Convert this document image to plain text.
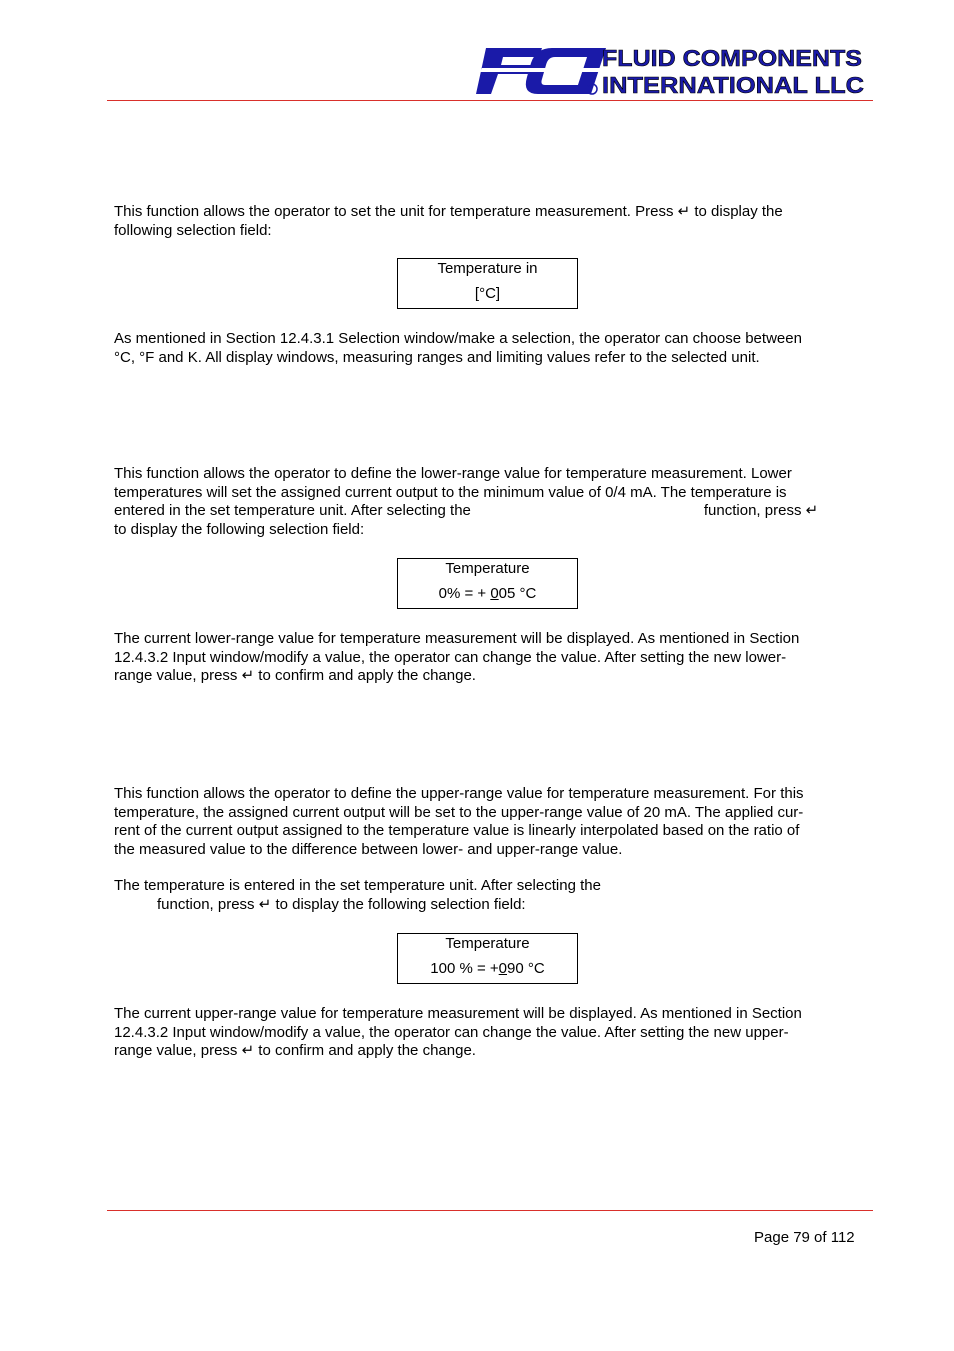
FLUID COMPONENTS
INTERNATIONAL LLC

This function allows the operator to set the unit for temperature measurement. Press ↵ to display the
following selection field:

Temperature in
[°C]

As mentioned in Section 12.4.3.1 Selection window/make a selection, the operator can choose between
°C, °F and K. All display windows, measuring ranges and limiting values refer to the selected unit.

This function allows the operator to define the lower-range value for temperature measurement. Lower
temperatures will set the assigned current output to the minimum value of 0/4 mA. The temperature is
entered in the set temperature unit. After selecting the	function, press ↵
to display the following selection field:

Temperature
0% = + 005 °C

The current lower-range value for temperature measurement will be displayed. As mentioned in Section
12.4.3.2 Input window/modify a value, the operator can change the value. After setting the new lower-
range value, press ↵ to confirm and apply the change.

This function allows the operator to define the upper-range value for temperature measurement. For this
temperature, the assigned current output will be set to the upper-range value of 20 mA. The applied cur-
rent of the current output assigned to the temperature value is linearly interpolated based on the ratio of
the measured value to the difference between lower- and upper-range value.

The temperature is entered in the set temperature unit. After selecting the
function, press ↵ to display the following selection field:

Temperature
100 % = +090 °C

The current upper-range value for temperature measurement will be displayed. As mentioned in Section
12.4.3.2 Input window/modify a value, the operator can change the value. After setting the new upper-
range value, press ↵ to confirm and apply the change.

Page 79 of 112
